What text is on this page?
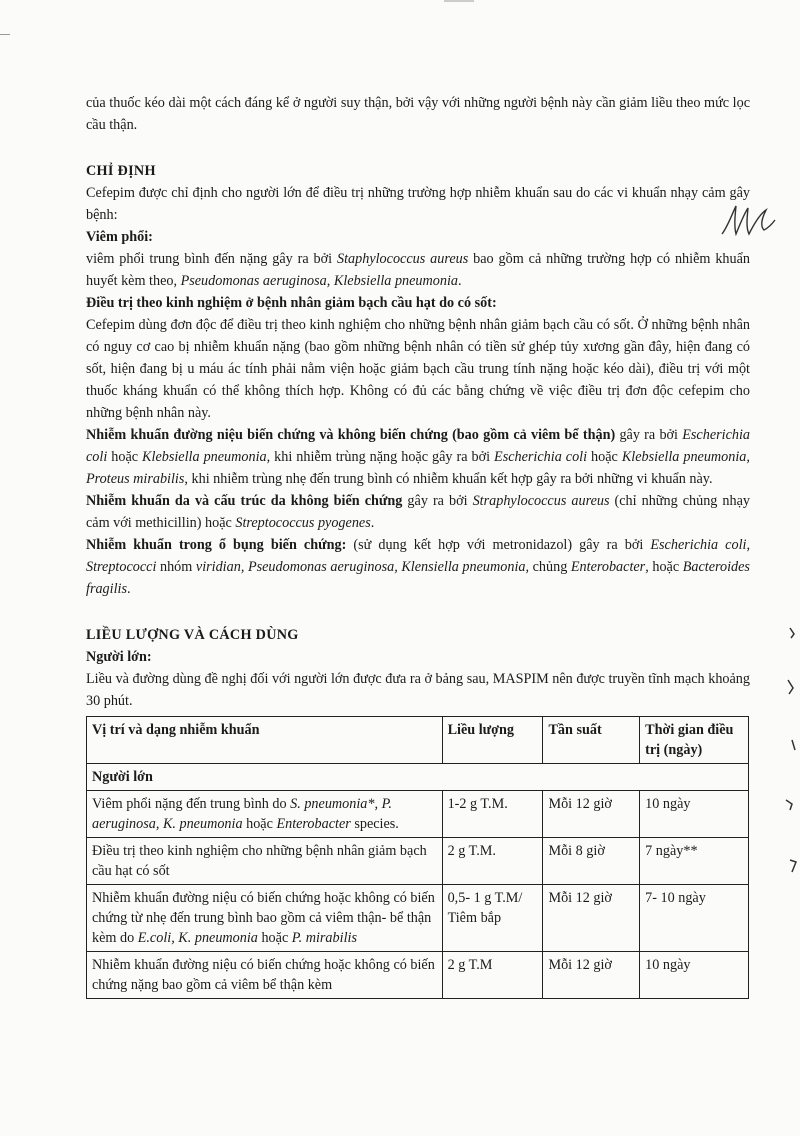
của thuốc kéo dài một cách đáng kể ở người suy thận, bởi vậy với những người bệnh này cần giảm liều theo mức lọc cầu thận.

CHỈ ĐỊNH

Cefepim được chỉ định cho người lớn để điều trị những trường hợp nhiễm khuẩn sau do các vi khuẩn nhạy cảm gây bệnh:

Viêm phổi:

viêm phổi trung bình đến nặng gây ra bởi Staphylococcus aureus bao gồm cả những trường hợp có nhiễm khuẩn huyết kèm theo, Pseudomonas aeruginosa, Klebsiella pneumonia.

Điều trị theo kinh nghiệm ở bệnh nhân giảm bạch cầu hạt do có sốt:

Cefepim dùng đơn độc để điều trị theo kinh nghiệm cho những bệnh nhân giảm bạch cầu có sốt. Ở những bệnh nhân có nguy cơ cao bị nhiễm khuẩn nặng (bao gồm những bệnh nhân có tiền sử ghép tủy xương gần đây, hiện đang có sốt, hiện đang bị u máu ác tính phải nằm viện hoặc giảm bạch cầu trung tính nặng hoặc kéo dài), điều trị với một thuốc kháng khuẩn có thể không thích hợp. Không có đủ các bằng chứng về việc điều trị đơn độc cefepim cho những bệnh nhân này.

Nhiễm khuẩn đường niệu biến chứng và không biến chứng (bao gồm cả viêm bể thận) gây ra bởi Escherichia coli hoặc Klebsiella pneumonia, khi nhiễm trùng nặng hoặc gây ra bởi Escherichia coli hoặc Klebsiella pneumonia, Proteus mirabilis, khi nhiễm trùng nhẹ đến trung bình có nhiễm khuẩn kết hợp gây ra bởi những vi khuẩn này.

Nhiễm khuẩn da và cấu trúc da không biến chứng gây ra bởi Straphylococcus aureus (chỉ những chủng nhạy cảm với methicillin) hoặc Streptococcus pyogenes.

Nhiễm khuẩn trong ổ bụng biến chứng: (sử dụng kết hợp với metronidazol) gây ra bởi Escherichia coli, Streptococci nhóm viridian, Pseudomonas aeruginosa, Klensiella pneumonia, chủng Enterobacter, hoặc Bacteroides fragilis.

LIỀU LƯỢNG VÀ CÁCH DÙNG

Người lớn:

Liều và đường dùng đề nghị đối với người lớn được đưa ra ở bảng sau, MASPIM nên được truyền tĩnh mạch khoảng 30 phút.

Vị trí và dạng nhiễm khuẩn	Liều lượng	Tần suất	Thời gian điều trị (ngày)
Người lớn			
Viêm phổi nặng đến trung bình do S. pneumonia*, P. aeruginosa, K. pneumonia hoặc Enterobacter species.	1-2 g T.M.	Mỗi 12 giờ	10 ngày
Điều trị theo kinh nghiệm cho những bệnh nhân giảm bạch cầu hạt có sốt	2 g T.M.	Mỗi 8 giờ	7 ngày**
Nhiễm khuẩn đường niệu có biến chứng hoặc không có biến chứng từ nhẹ đến trung bình bao gồm cả viêm thận- bể thận kèm do E.coli, K. pneumonia hoặc P. mirabilis	0,5- 1 g T.M/ Tiêm bắp	Mỗi 12 giờ	7- 10 ngày
Nhiễm khuẩn đường niệu có biến chứng hoặc không có biến chứng nặng bao gồm cả viêm bể thận kèm	2 g T.M	Mỗi 12 giờ	10 ngày
